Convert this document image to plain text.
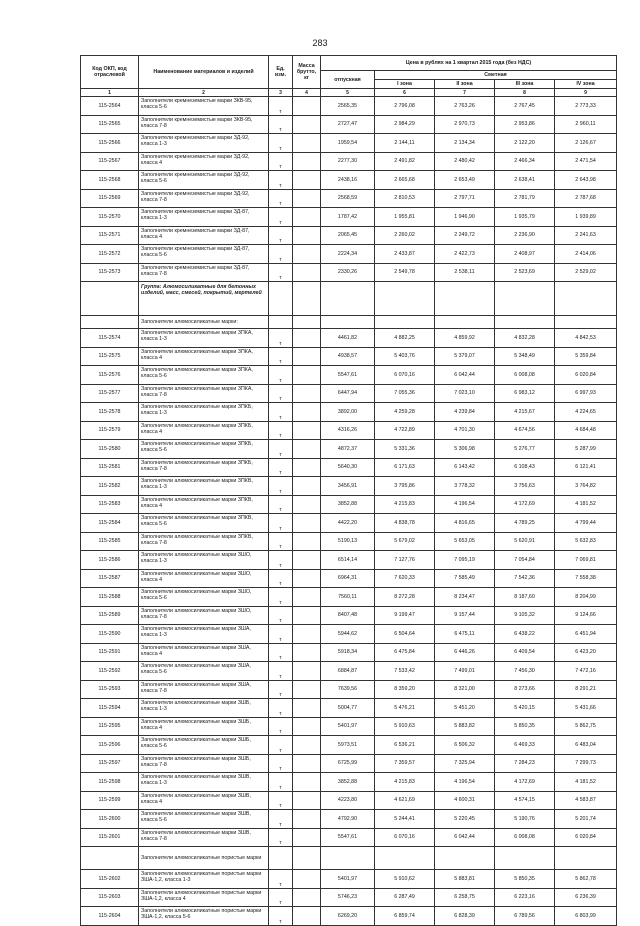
283
Код ОКП, код отраслевой	Наименование материалов и изделий	Ед. изм.	Масса брутто, кг	Цена в рублях на 1 квартал 2015 года (без НДС)				
				отпускная	Сметная			
					I зона	II зона	III зона	IV зона
1	2	3	4	5	6	7	8	9
115-2564	Заполнители кремнеземистые марки ЗКВ-95, класса 5-6	т		2565,35	2 796,08	2 763,26	2 767,45	2 773,33
115-2565	Заполнители кремнеземистые марки ЗКВ-95, класса 7-8	т		2727,47	2 984,29	2 970,73	2 953,86	2 960,11
115-2566	Заполнители кремнеземистые марки ЗД-92, класса 1-3	т		1959,54	2 144,11	2 134,34	2 122,20	2 126,67
115-2567	Заполнители кремнеземистые марки ЗД-92, класса 4	т		2277,30	2 491,82	2 480,42	2 466,34	2 471,54
115-2568	Заполнители кремнеземистые марки ЗД-92, класса 5-6	т		2438,16	2 665,68	2 653,49	2 638,41	2 643,98
115-2569	Заполнители кремнеземистые марки ЗД-92, класса 7-8	т		2568,59	2 810,53	2 797,71	2 781,79	2 787,68
115-2570	Заполнители кремнеземистые марки ЗД-87, класса 1-3	т		1787,42	1 955,81	1 946,90	1 935,79	1 939,89
115-2571	Заполнители кремнеземистые марки ЗД-87, класса 4	т		2065,45	2 260,02	2 249,72	2 236,90	2 241,63
115-2572	Заполнители кремнеземистые марки ЗД-87, класса 5-6	т		2224,34	2 433,87	2 422,73	2 408,97	2 414,06
115-2573	Заполнители кремнеземистые марки ЗД-87, класса 7-8	т		2330,26	2 549,78	2 538,11	2 523,69	2 529,02
	Группа: Алюмосиликатные для бетонных изделий, масс, смесей, покрытий, мертелей							
	Заполнители алюмосиликатные марки:							
115-2574	Заполнители алюмосиликатные марки ЗПКА, класса 1-3	т		4461,82	4 882,25	4 859,92	4 832,28	4 842,53
115-2575	Заполнители алюмосиликатные марки ЗПКА, класса 4	т		4938,57	5 403,76	5 379,07	5 348,49	5 359,84
115-2576	Заполнители алюмосиликатные марки ЗПКА, класса 5-6	т		5547,61	6 070,16	6 042,44	6 008,08	6 020,84
115-2577	Заполнители алюмосиликатные марки ЗПКА, класса 7-8	т		6447,94	7 055,36	7 023,10	6 983,12	6 997,93
115-2578	Заполнители алюмосиликатные марки ЗПКБ, класса 1-3	т		3892,00	4 259,28	4 239,84	4 215,67	4 224,65
115-2579	Заполнители алюмосиликатные марки ЗПКБ, класса 4	т		4316,26	4 722,89	4 701,30	4 674,56	4 684,48
115-2580	Заполнители алюмосиликатные марки ЗПКБ, класса 5-6	т		4872,37	5 331,36	5 306,98	5 276,77	5 287,99
115-2581	Заполнители алюмосиликатные марки ЗПКБ, класса 7-8	т		5640,30	6 171,63	6 143,42	6 108,43	6 121,41
115-2582	Заполнители алюмосиликатные марки ЗПКВ, класса 1-3	т		3456,91	3 795,86	3 778,32	3 756,63	3 764,82
115-2583	Заполнители алюмосиликатные марки ЗПКВ, класса 4	т		3852,88	4 215,83	4 196,54	4 172,69	4 181,52
115-2584	Заполнители алюмосиликатные марки ЗПКВ, класса 5-6	т		4422,20	4 838,78	4 816,65	4 789,25	4 799,44
115-2585	Заполнители алюмосиликатные марки ЗПКВ, класса 7-8	т		5190,13	5 679,02	5 653,05	5 620,91	5 632,83
115-2586	Заполнители алюмосиликатные марки ЗШО, класса 1-3	т		6514,14	7 127,76	7 095,19	7 054,84	7 069,81
115-2587	Заполнители алюмосиликатные марки ЗШО, класса 4	т		6964,31	7 620,33	7 585,49	7 542,36	7 558,38
115-2588	Заполнители алюмосиликатные марки ЗШО, класса 5-6	т		7560,11	8 272,28	8 234,47	8 187,60	8 204,99
115-2589	Заполнители алюмосиликатные марки ЗШО, класса 7-8	т		8407,48	9 199,47	9 157,44	9 105,32	9 124,66
115-2590	Заполнители алюмосиликатные марки ЗША, класса 1-3	т		5944,62	6 504,64	6 475,11	6 438,22	6 451,94
115-2591	Заполнители алюмосиликатные марки ЗША, класса 4	т		5918,34	6 475,84	6 446,26	6 409,54	6 423,20
115-2592	Заполнители алюмосиликатные марки ЗША, класса 5-6	т		6884,87	7 533,42	7 499,01	7 456,30	7 472,16
115-2593	Заполнители алюмосиликатные марки ЗША, класса 7-8	т		7639,56	8 359,20	8 321,00	8 273,66	8 291,21
115-2594	Заполнители алюмосиликатные марки ЗШБ, класса 1-3	т		5004,77	5 476,21	5 451,20	5 420,15	5 431,66
115-2595	Заполнители алюмосиликатные марки ЗШБ, класса 4	т		5401,97	5 910,63	5 883,82	5 850,35	5 862,75
115-2596	Заполнители алюмосиликатные марки ЗШБ, класса 5-6	т		5973,51	6 536,21	6 506,32	6 469,33	6 483,04
115-2597	Заполнители алюмосиликатные марки ЗШБ, класса 7-8	т		6725,99	7 359,57	7 325,94	7 284,23	7 299,73
115-2598	Заполнители алюмосиликатные марки ЗШВ, класса 1-3	т		3852,88	4 215,83	4 196,54	4 172,69	4 181,52
115-2599	Заполнители алюмосиликатные марки ЗШВ, класса 4	т		4223,80	4 621,69	4 600,31	4 574,15	4 583,87
115-2600	Заполнители алюмосиликатные марки ЗШВ, класса 5-6	т		4792,90	5 244,41	5 220,45	5 190,76	5 201,74
115-2601	Заполнители алюмосиликатные марки ЗШВ, класса 7-8	т		5547,61	6 070,16	6 042,44	6 008,08	6 020,84
	Заполнители алюмосиликатные пористые марки							
115-2602	Заполнители алюмосиликатные пористые марки ЗША-1,2, класса 1-3	т		5401,97	5 910,62	5 883,81	5 850,35	5 862,78
115-2603	Заполнители алюмосиликатные пористые марки ЗША-1,2, класса 4	т		5746,23	6 287,49	6 258,75	6 223,16	6 236,39
115-2604	Заполнители алюмосиликатные пористые марки ЗША-1,2, класса 5-6	т		6269,20	6 859,74	6 828,39	6 789,56	6 803,99
